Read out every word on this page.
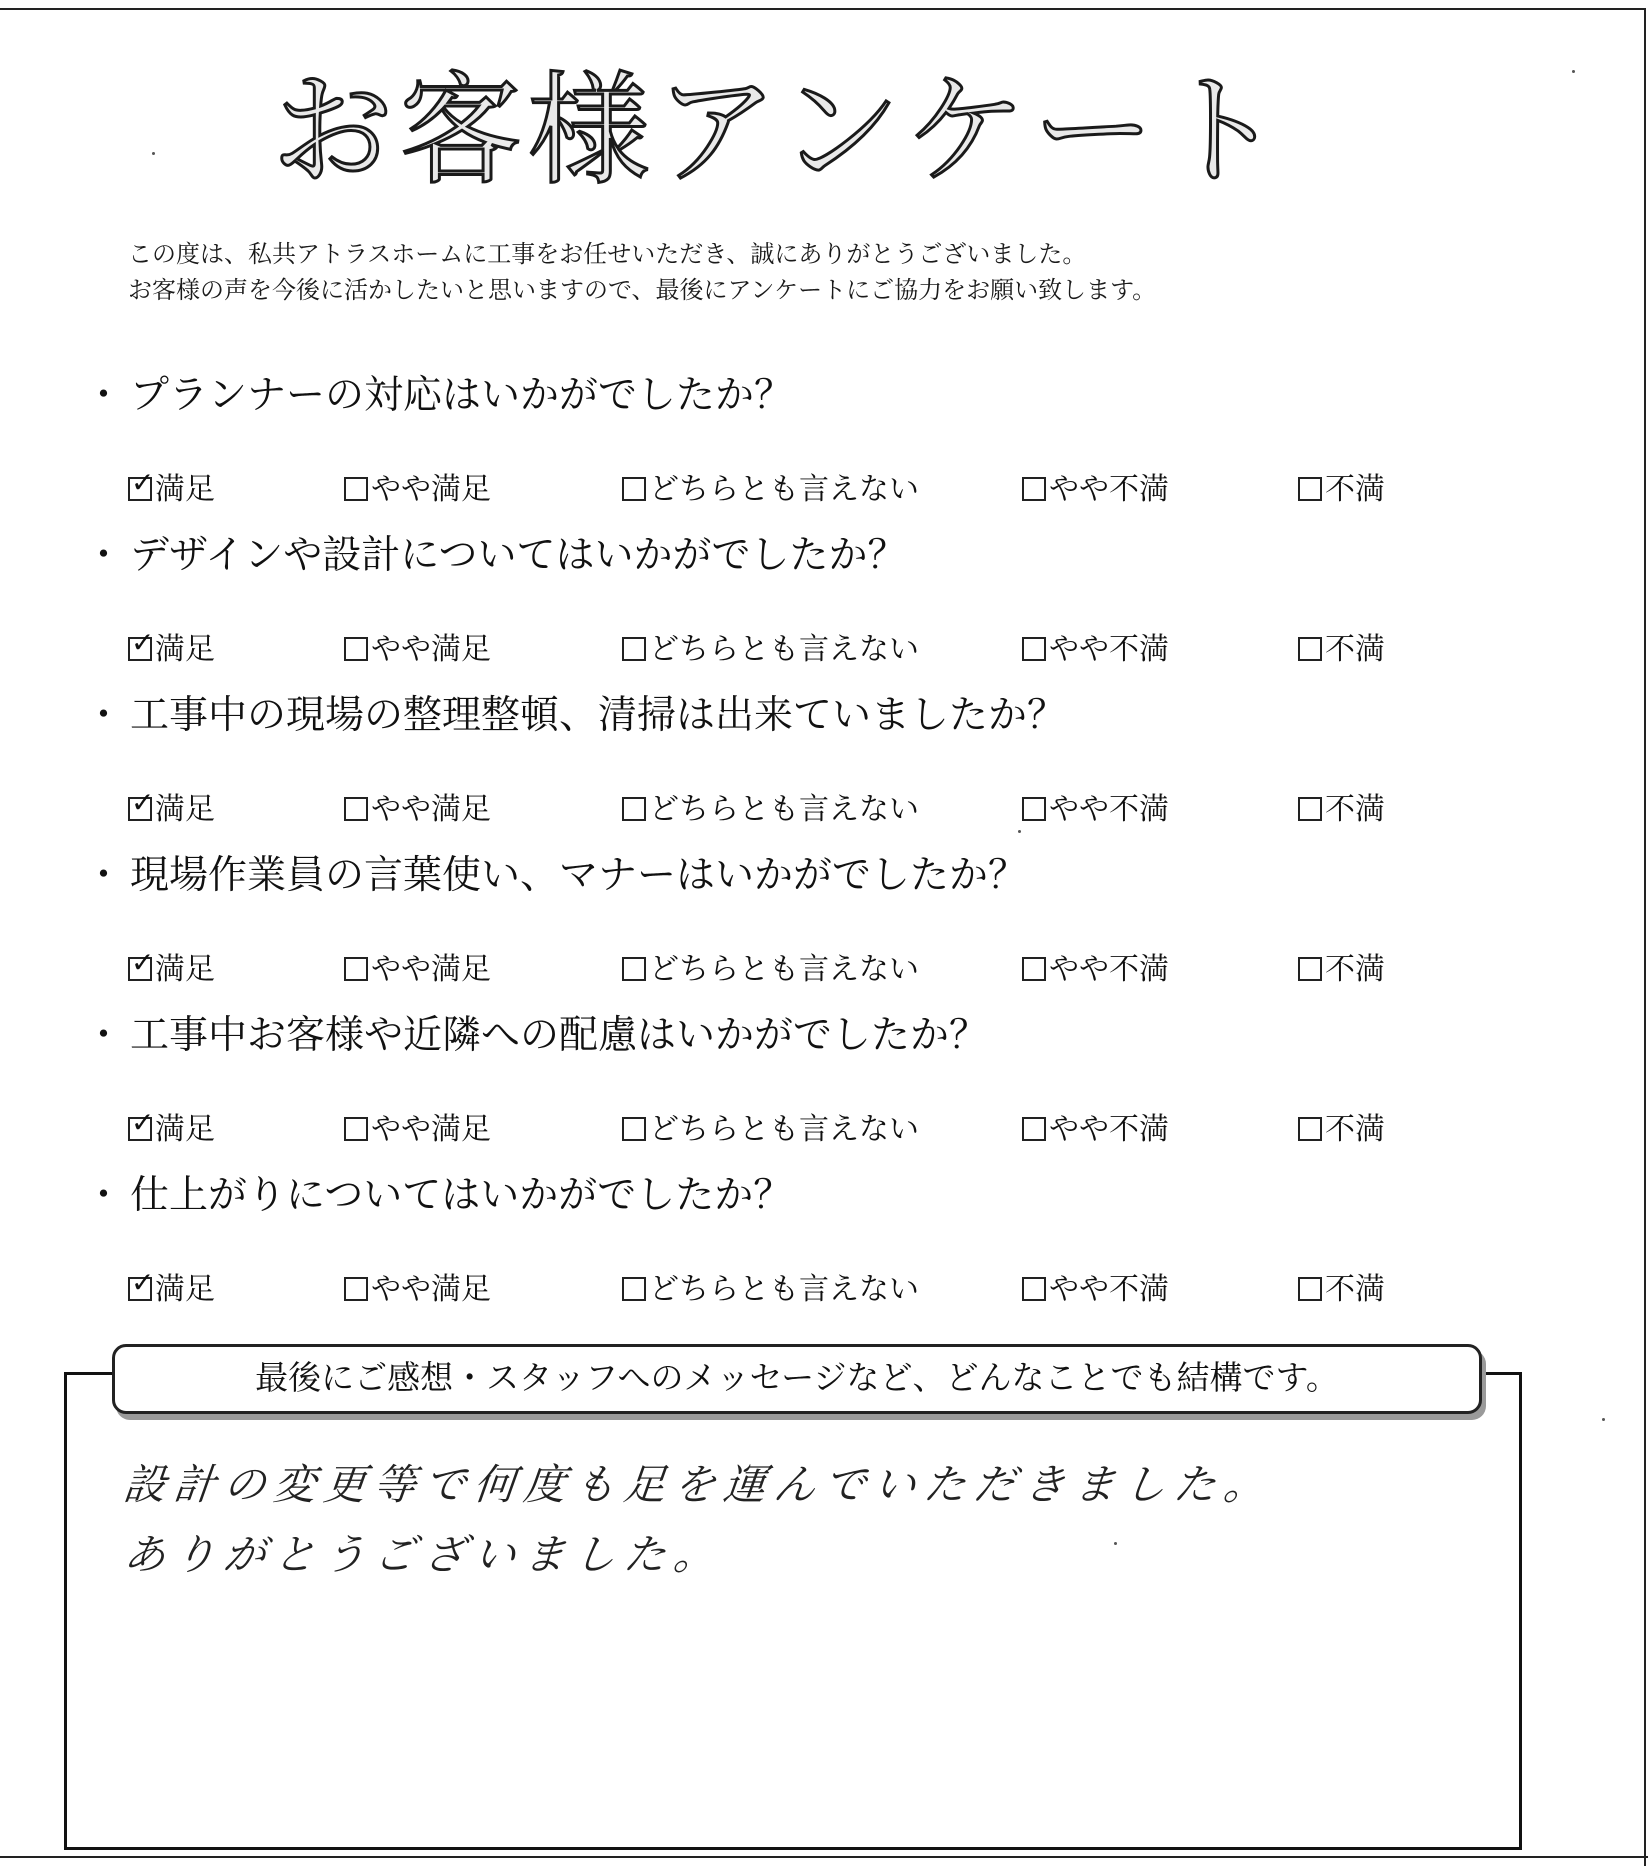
お客様アンケート
この度は、私共アトラスホームに工事をお任せいただき、誠にありがとうございました。
お客様の声を今後に活かしたいと思いますので、最後にアンケートにご協力をお願い致します。
・ プランナーの対応はいかがでしたか？
✓ 満足	やや満足	どちらとも言えない	やや不満	不満
・ デザインや設計についてはいかがでしたか？
✓ 満足	やや満足	どちらとも言えない	やや不満	不満
・ 工事中の現場の整理整頓、清掃は出来ていましたか？
✓ 満足	やや満足	どちらとも言えない	やや不満	不満
・ 現場作業員の言葉使い、マナーはいかがでしたか？
✓ 満足	やや満足	どちらとも言えない	やや不満	不満
・ 工事中お客様や近隣への配慮はいかがでしたか？
✓ 満足	やや満足	どちらとも言えない	やや不満	不満
・ 仕上がりについてはいかがでしたか？
✓ 満足	やや満足	どちらとも言えない	やや不満	不満
最後にご感想・スタッフへのメッセージなど、どんなことでも結構です。
設計の変更等で何度も足を運んでいただきました。
ありがとうございました。
